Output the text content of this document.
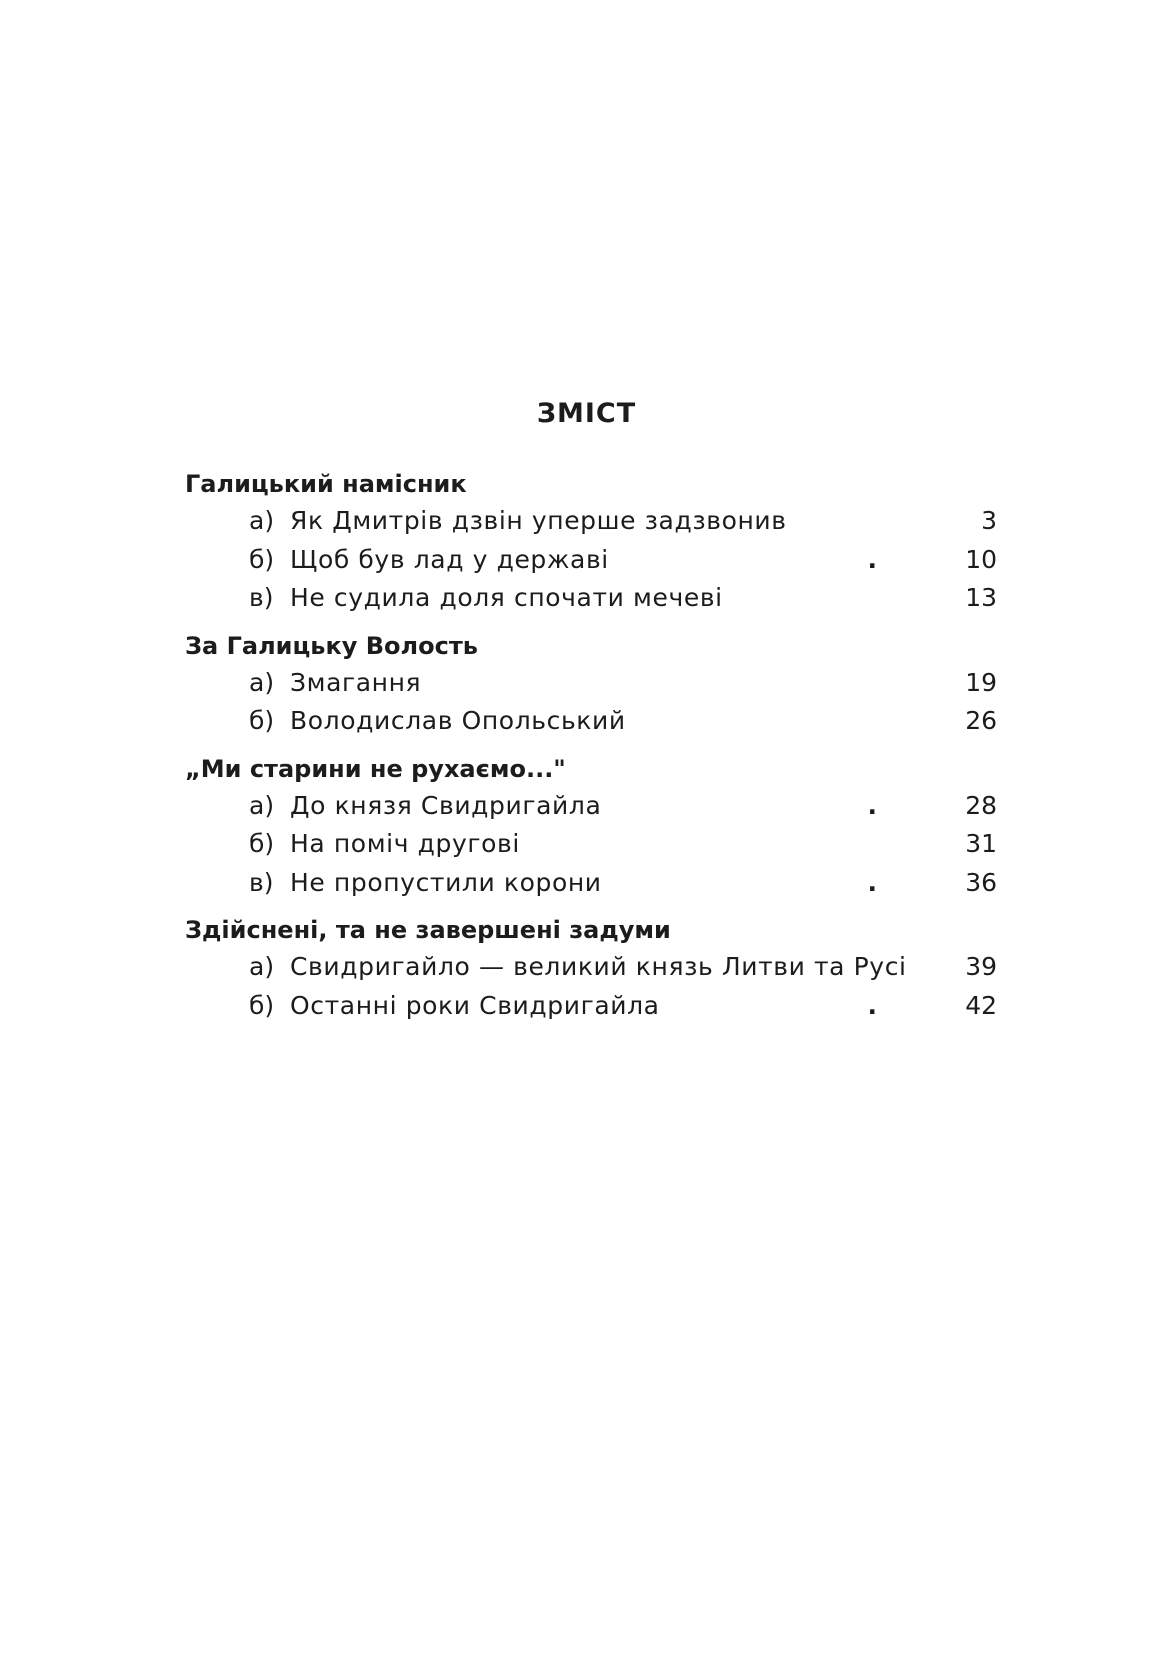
ЗМІСТ
Галицький намісник
а) Як Дмитрів дзвін уперше задзвонив	3
б) Щоб був лад у державі	.	10
в) Не судила доля спочати мечеві	13
За Галицьку Волость
а) Змагання	19
б) Володислав Опольський	26
„Ми старини не рухаємо..."
а) До князя Свидригайла	.	28
б) На поміч другові	31
в) Не пропустили корони	.	36
Здійснені, та не завершені задуми
а) Свидригайло — великий князь Литви та Русі 39
б) Останні роки Свидригайла	.	42
